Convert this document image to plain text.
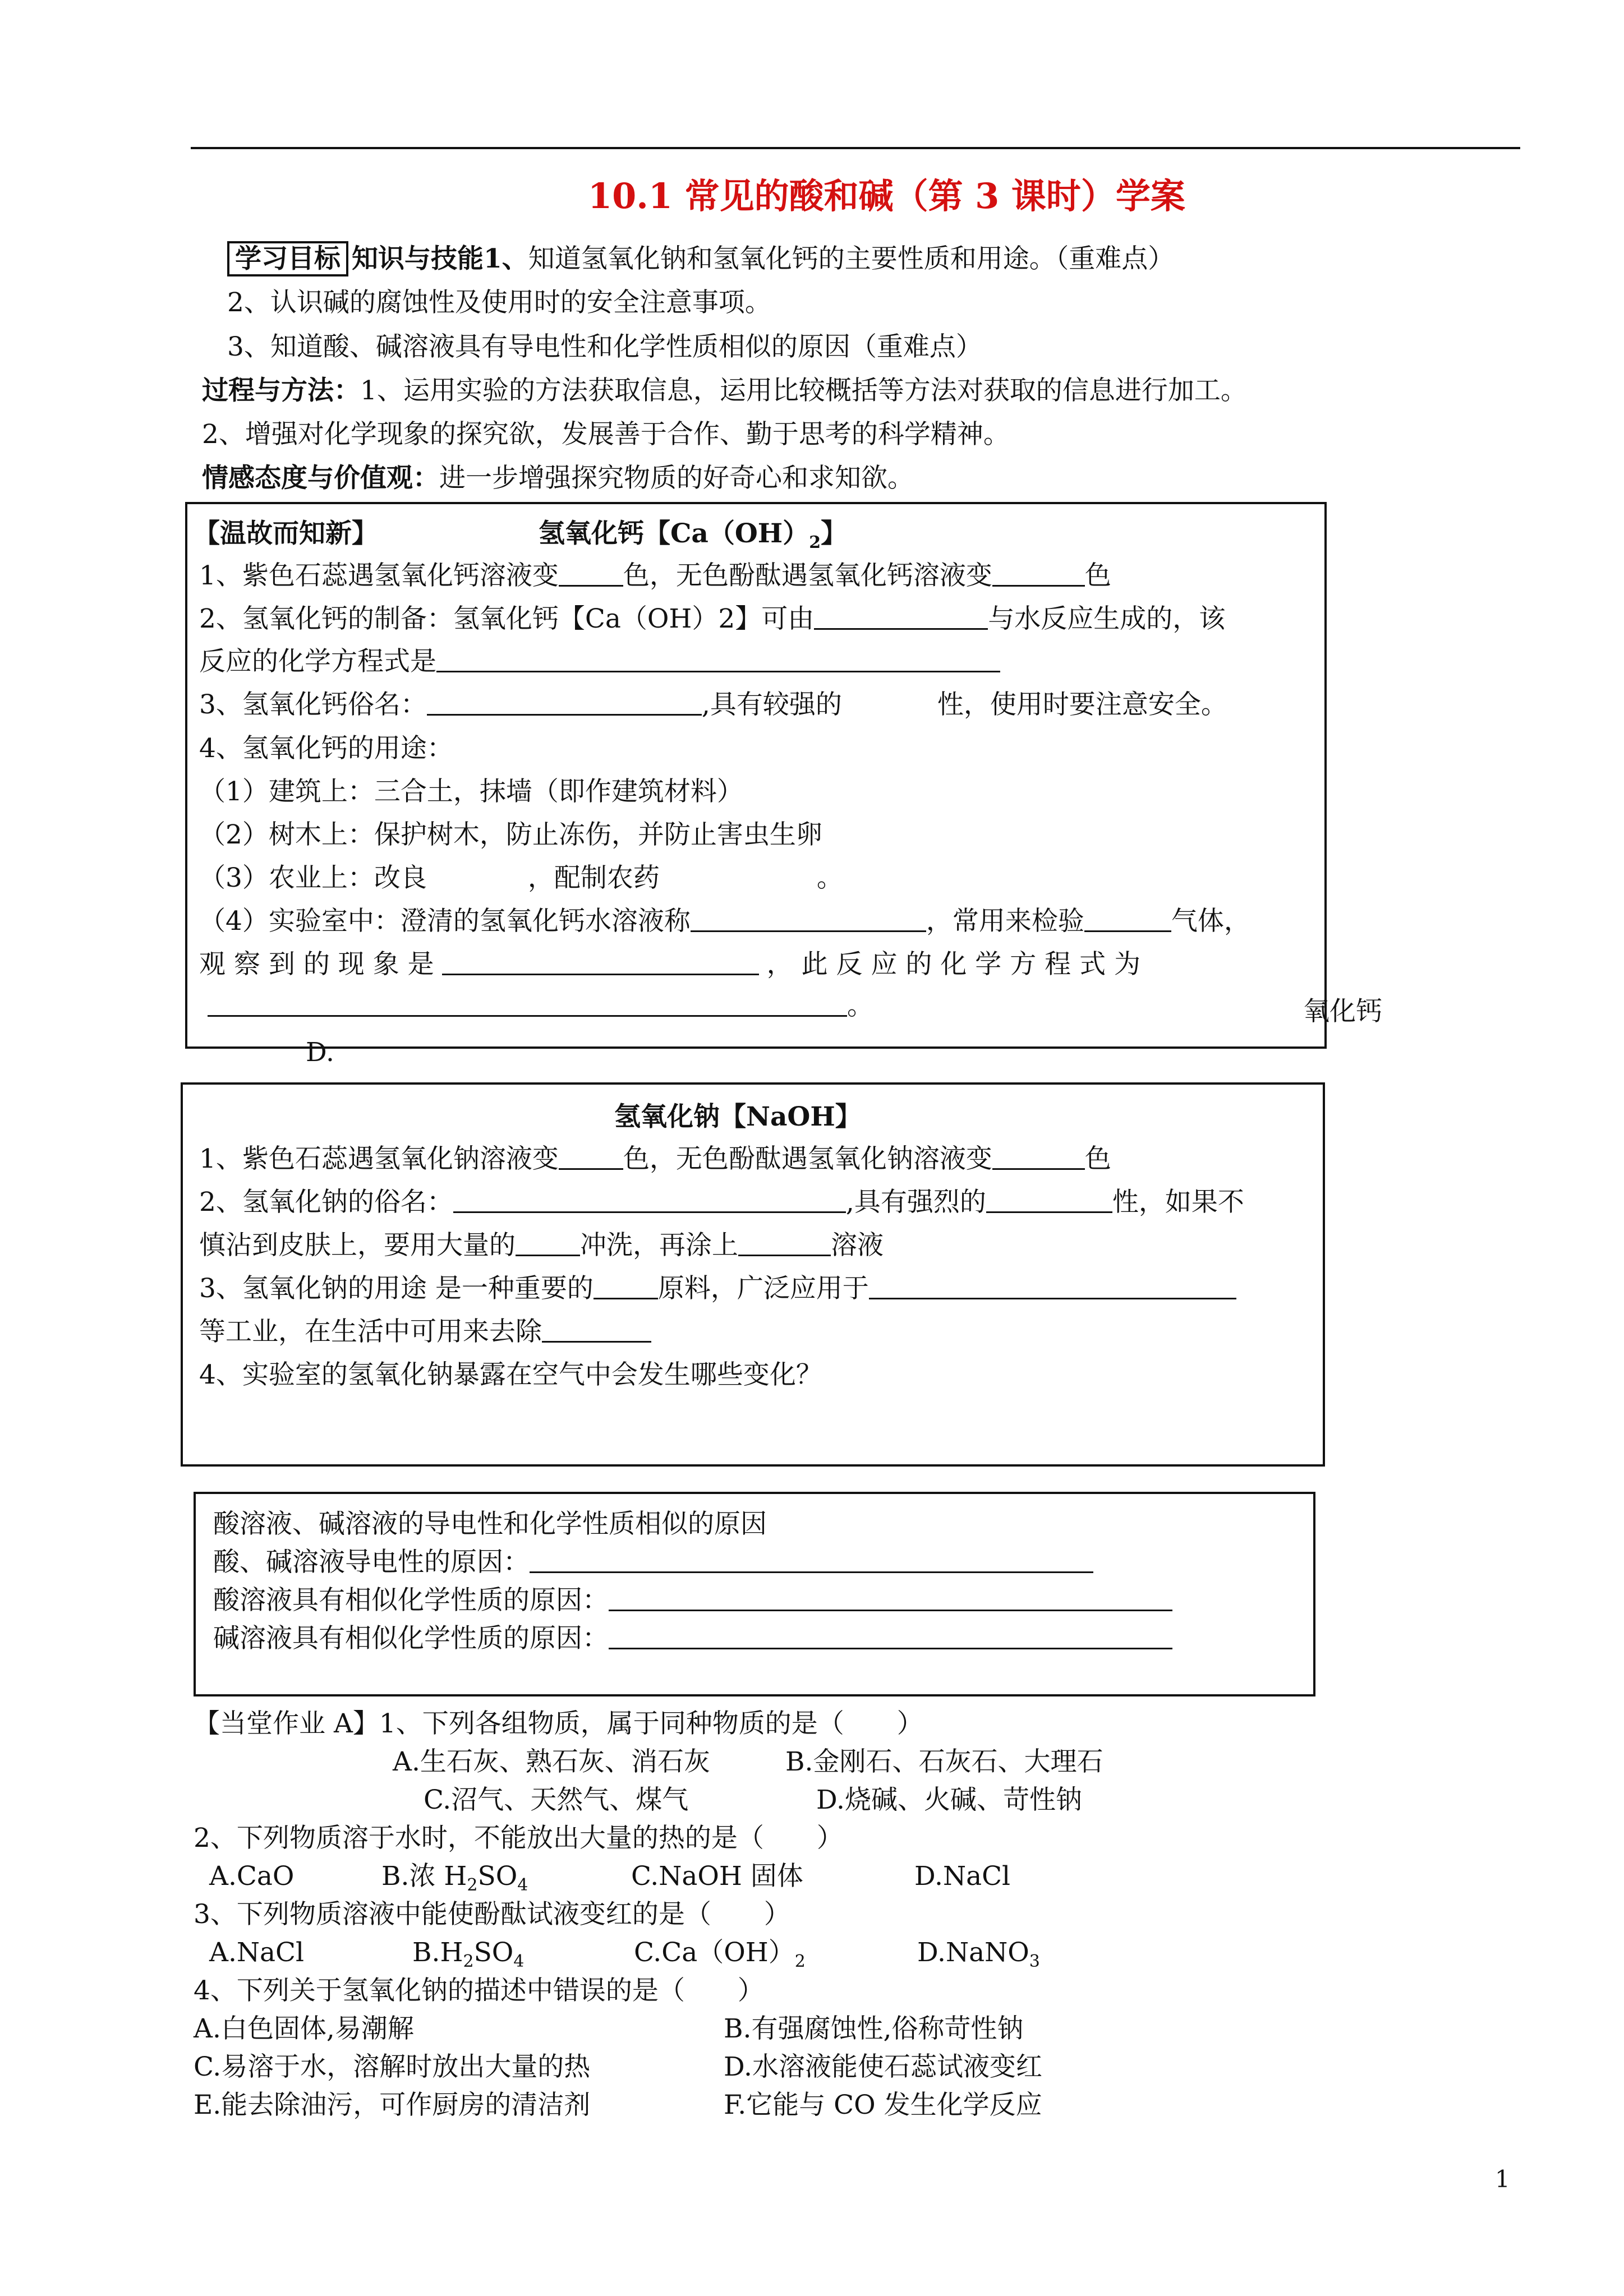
10.1 常见的酸和碱（第 3 课时）学案
学习目标 知识与技能1、知道氢氧化钠和氢氧化钙的主要性质和用途。（重难点）
2、认识碱的腐蚀性及使用时的安全注意事项。
3、知道酸、碱溶液具有导电性和化学性质相似的原因（重难点）
过程与方法：1、运用实验的方法获取信息，运用比较概括等方法对获取的信息进行加工。
2、增强对化学现象的探究欲，发展善于合作、勤于思考的科学精神。
情感态度与价值观：进一步增强探究物质的好奇心和求知欲。
【温故而知新】	氢氧化钙【$Ca(OH)_2$】
1、紫色石蕊遇氢氧化钙溶液变 色，无色酚酞遇氢氧化钙溶液变	色
2、氢氧化钙的制备：氢氧化钙【Ca（OH）2】可由	与水反应生成的，该
反应的化学方程式是
3、氢氧化钙俗名：	,具有较强的	性，使用时要注意安全。
4、氢氧化钙的用途：
（1）建筑上：三合土，抹墙（即作建筑材料）
（2）树木上：保护树木，防止冻伤，并防止害虫生卵
（3）农业上：改良	，配制农药	。
（4）实验室中：澄清的氢氧化钙水溶液称	，常用来检验	气体，
观 察 到 的 现 象 是	， 此 反 应 的 化 学 方 程 式 为
。	氧化钙
D.
氢氧化钠【NaOH】
1、紫色石蕊遇氢氧化钠溶液变 色，无色酚酞遇氢氧化钠溶液变	色
2、氢氧化钠的俗名：	,具有强烈的	性，如果不
慎沾到皮肤上，要用大量的 冲洗，再涂上	溶液
3、氢氧化钠的用途 是一种重要的 原料，广泛应用于
等工业，在生活中可用来去除
4、实验室的氢氧化钠暴露在空气中会发生哪些变化？
酸溶液、碱溶液的导电性和化学性质相似的原因
酸、碱溶液导电性的原因：
酸溶液具有相似化学性质的原因：
碱溶液具有相似化学性质的原因：
【当堂作业 A】1、下列各组物质，属于同种物质的是（　　）
A.生石灰、熟石灰、消石灰	B.金刚石、石灰石、大理石
C.沼气、天然气、煤气	D.烧碱、火碱、苛性钠
2、下列物质溶于水时，不能放出大量的热的是（　　）
A.CaO	B.浓 $H_2SO_4$	C.NaOH 固体	D.NaCl
3、下列物质溶液中能使酚酞试液变红的是（　　）
A.NaCl	$B.H_2SO_4$	$C.Ca(OH)_2$	D.NaNO$_3$
4、下列关于氢氧化钠的描述中错误的是（　　）
A.白色固体,易潮解	B.有强腐蚀性,俗称苛性钠
C.易溶于水，溶解时放出大量的热	D.水溶液能使石蕊试液变红
E.能去除油污，可作厨房的清洁剂	F.它能与 CO 发生化学反应
1
